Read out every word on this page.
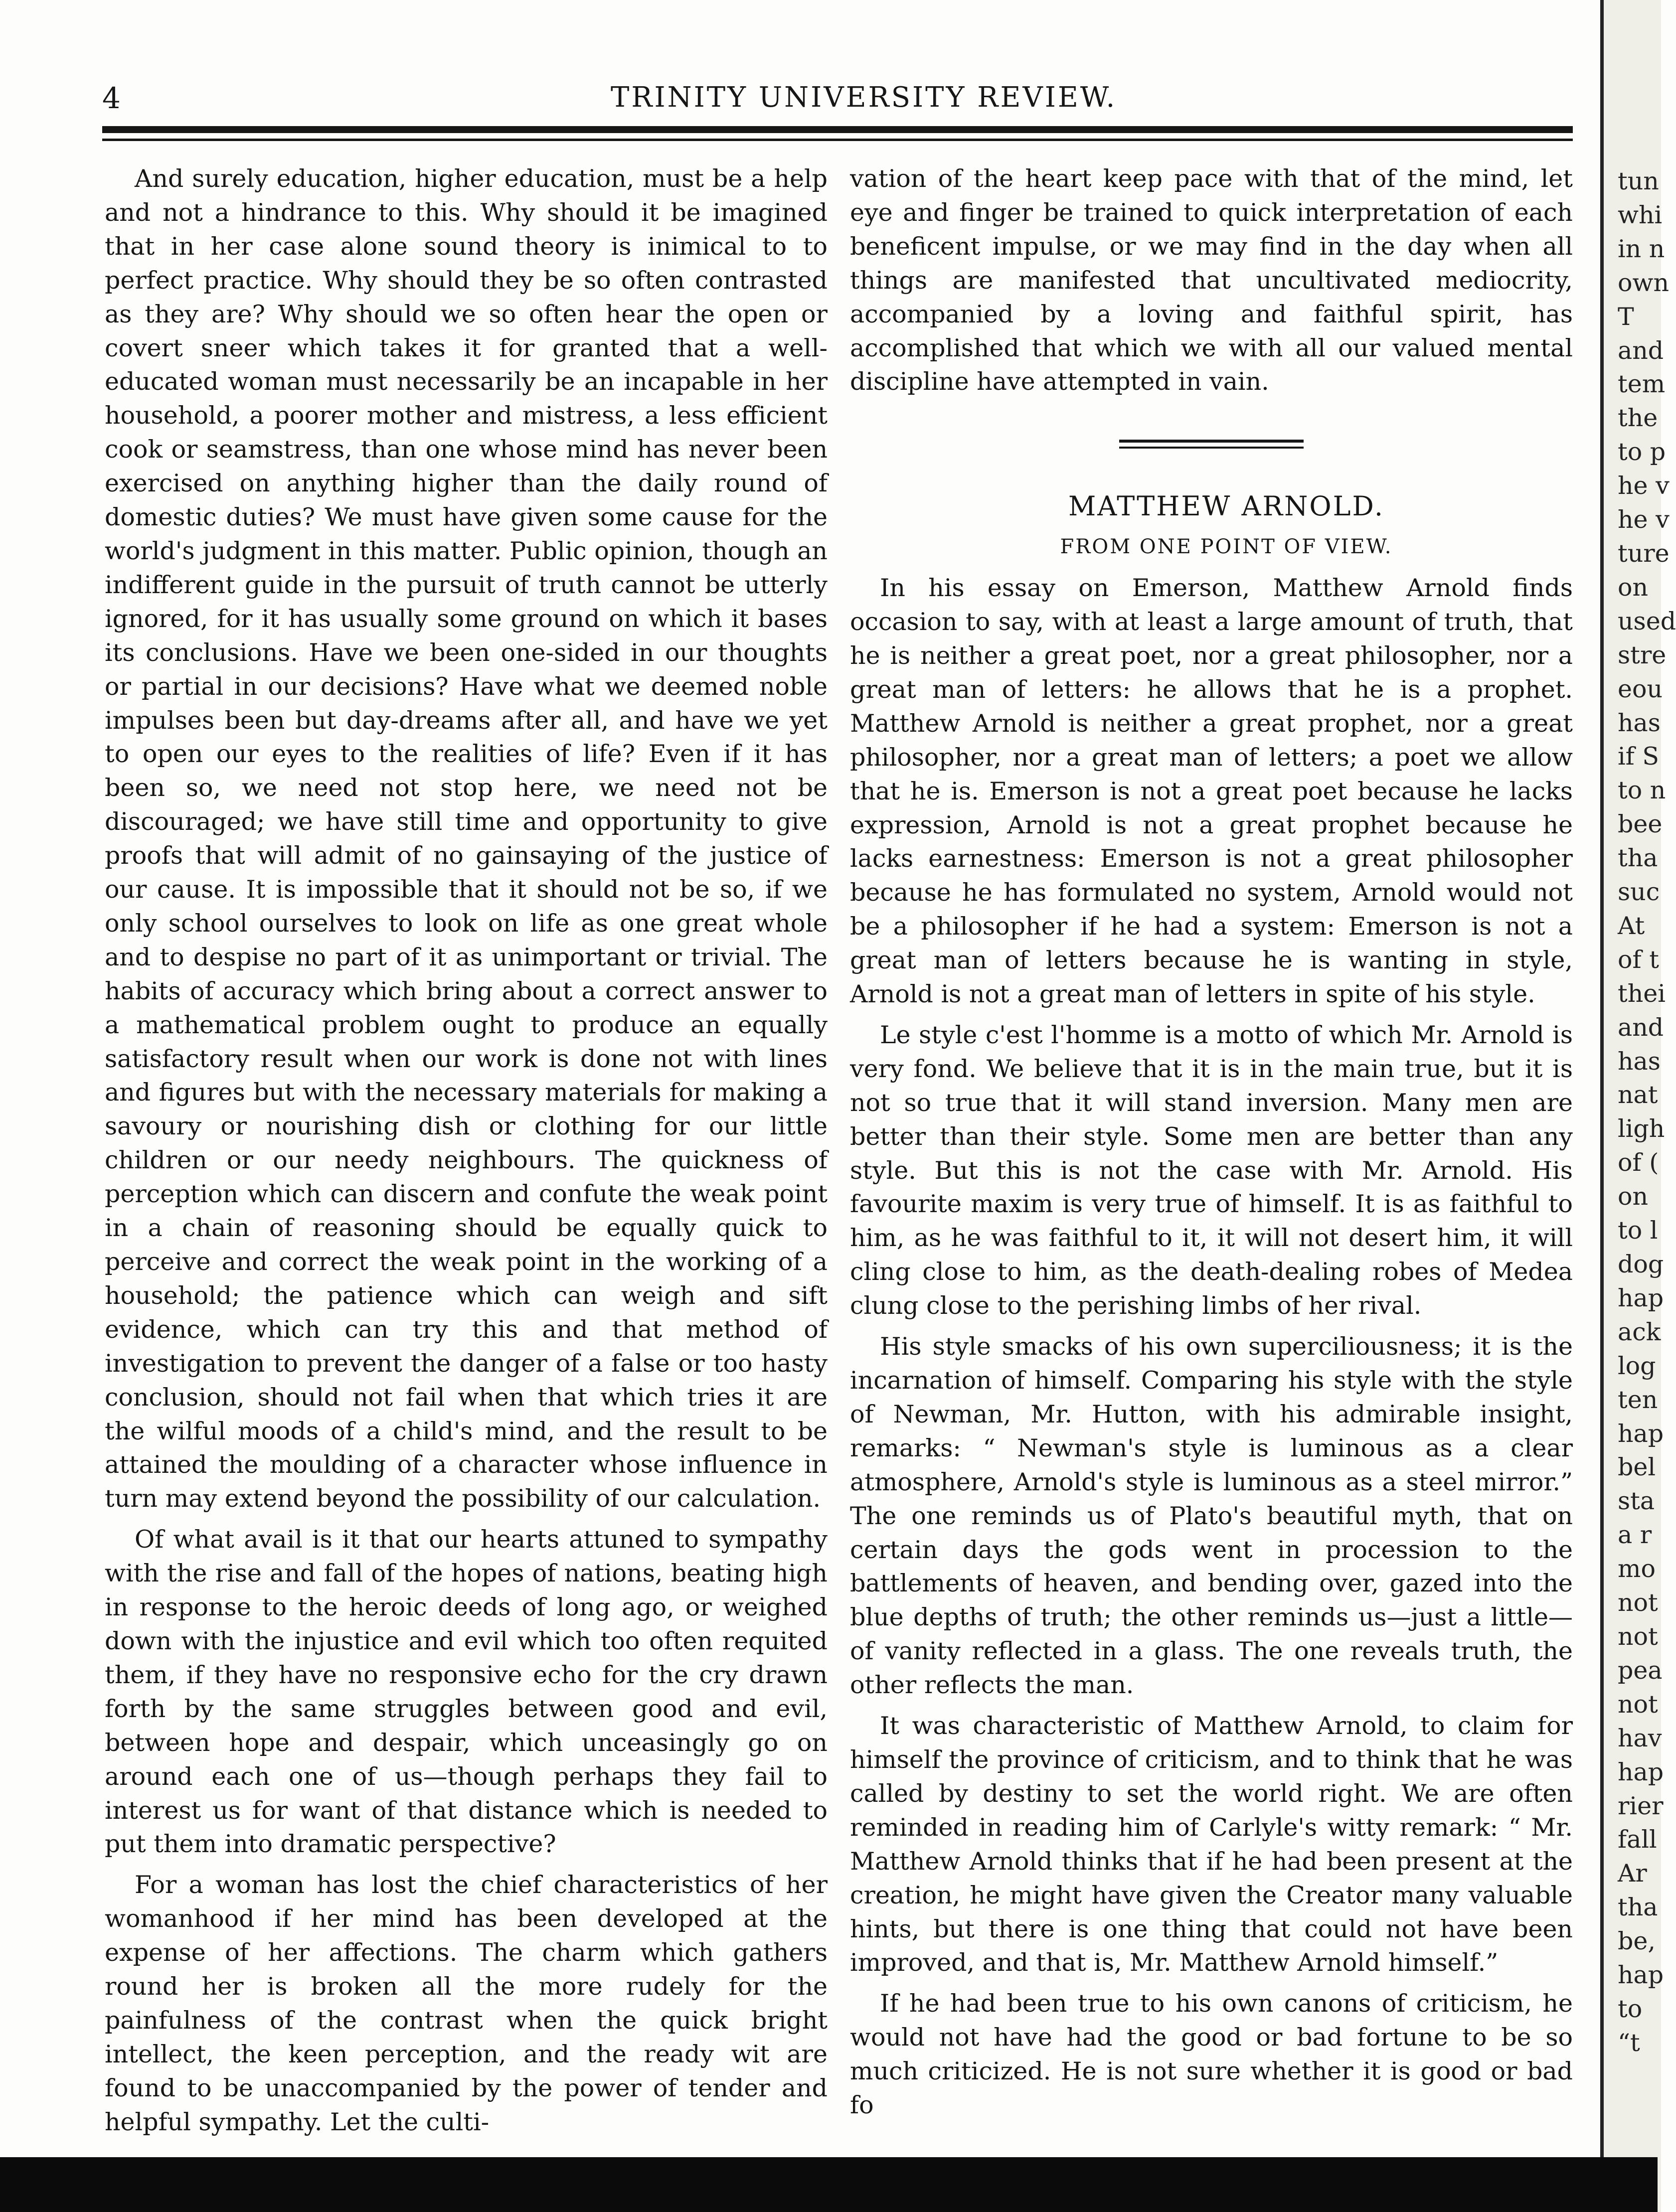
4	TRINITY UNIVERSITY REVIEW.

And surely education, higher education, must be a help and not a hindrance to this. Why should it be imagined that in her case alone sound theory is inimical to to perfect practice. Why should they be so often contrasted as they are? Why should we so often hear the open or covert sneer which takes it for granted that a well-educated woman must necessarily be an incapable in her household, a poorer mother and mistress, a less efficient cook or seamstress, than one whose mind has never been exercised on anything higher than the daily round of domestic duties? We must have given some cause for the world's judgment in this matter. Public opinion, though an indifferent guide in the pursuit of truth cannot be utterly ignored, for it has usually some ground on which it bases its conclusions. Have we been one-sided in our thoughts or partial in our decisions? Have what we deemed noble impulses been but day-dreams after all, and have we yet to open our eyes to the realities of life? Even if it has been so, we need not stop here, we need not be discouraged; we have still time and opportunity to give proofs that will admit of no gainsaying of the justice of our cause. It is impossible that it should not be so, if we only school ourselves to look on life as one great whole and to despise no part of it as unimportant or trivial. The habits of accuracy which bring about a correct answer to a mathematical problem ought to produce an equally satisfactory result when our work is done not with lines and figures but with the necessary materials for making a savoury or nourishing dish or clothing for our little children or our needy neighbours. The quickness of perception which can discern and confute the weak point in a chain of reasoning should be equally quick to perceive and correct the weak point in the working of a household; the patience which can weigh and sift evidence, which can try this and that method of investigation to prevent the danger of a false or too hasty conclusion, should not fail when that which tries it are the wilful moods of a child's mind, and the result to be attained the moulding of a character whose influence in turn may extend beyond the possibility of our calculation.

Of what avail is it that our hearts attuned to sympathy with the rise and fall of the hopes of nations, beating high in response to the heroic deeds of long ago, or weighed down with the injustice and evil which too often requited them, if they have no responsive echo for the cry drawn forth by the same struggles between good and evil, between hope and despair, which unceasingly go on around each one of us—though perhaps they fail to interest us for want of that distance which is needed to put them into dramatic perspective?

For a woman has lost the chief characteristics of her womanhood if her mind has been developed at the expense of her affections. The charm which gathers round her is broken all the more rudely for the painfulness of the contrast when the quick bright intellect, the keen perception, and the ready wit are found to be unaccompanied by the power of tender and helpful sympathy. Let the culti-

vation of the heart keep pace with that of the mind, let eye and finger be trained to quick interpretation of each beneficent impulse, or we may find in the day when all things are manifested that uncultivated mediocrity, accompanied by a loving and faithful spirit, has accomplished that which we with all our valued mental discipline have attempted in vain.

MATTHEW ARNOLD.

FROM ONE POINT OF VIEW.

In his essay on Emerson, Matthew Arnold finds occasion to say, with at least a large amount of truth, that he is neither a great poet, nor a great philosopher, nor a great man of letters: he allows that he is a prophet. Matthew Arnold is neither a great prophet, nor a great philosopher, nor a great man of letters; a poet we allow that he is. Emerson is not a great poet because he lacks expression, Arnold is not a great prophet because he lacks earnestness: Emerson is not a great philosopher because he has formulated no system, Arnold would not be a philosopher if he had a system: Emerson is not a great man of letters because he is wanting in style, Arnold is not a great man of letters in spite of his style.

Le style c'est l'homme is a motto of which Mr. Arnold is very fond. We believe that it is in the main true, but it is not so true that it will stand inversion. Many men are better than their style. Some men are better than any style. But this is not the case with Mr. Arnold. His favourite maxim is very true of himself. It is as faithful to him, as he was faithful to it, it will not desert him, it will cling close to him, as the death-dealing robes of Medea clung close to the perishing limbs of her rival.

His style smacks of his own superciliousness; it is the incarnation of himself. Comparing his style with the style of Newman, Mr. Hutton, with his admirable insight, remarks: “ Newman's style is luminous as a clear atmosphere, Arnold's style is luminous as a steel mirror.” The one reminds us of Plato's beautiful myth, that on certain days the gods went in procession to the battlements of heaven, and bending over, gazed into the blue depths of truth; the other reminds us—just a little—of vanity reflected in a glass. The one reveals truth, the other reflects the man.

It was characteristic of Matthew Arnold, to claim for himself the province of criticism, and to think that he was called by destiny to set the world right. We are often reminded in reading him of Carlyle's witty remark: “ Mr. Matthew Arnold thinks that if he had been present at the creation, he might have given the Creator many valuable hints, but there is one thing that could not have been improved, and that is, Mr. Matthew Arnold himself.”

If he had been true to his own canons of criticism, he would not have had the good or bad fortune to be so much criticized. He is not sure whether it is good or bad fo

tun
whi
in n
own
T
and
tem
the
to p
he v
he v
ture
on
used
stre
eou
has
if S
to n
bee
tha
suc
At
of t
thei
and
has
nat
ligh
of (
on
to l
dog
hap
ack
log
ten
hap
bel
sta
a r
mo
not
not
pea
not
hav
hap
rier
fall
Ar
tha
be,
hap
to
“t
